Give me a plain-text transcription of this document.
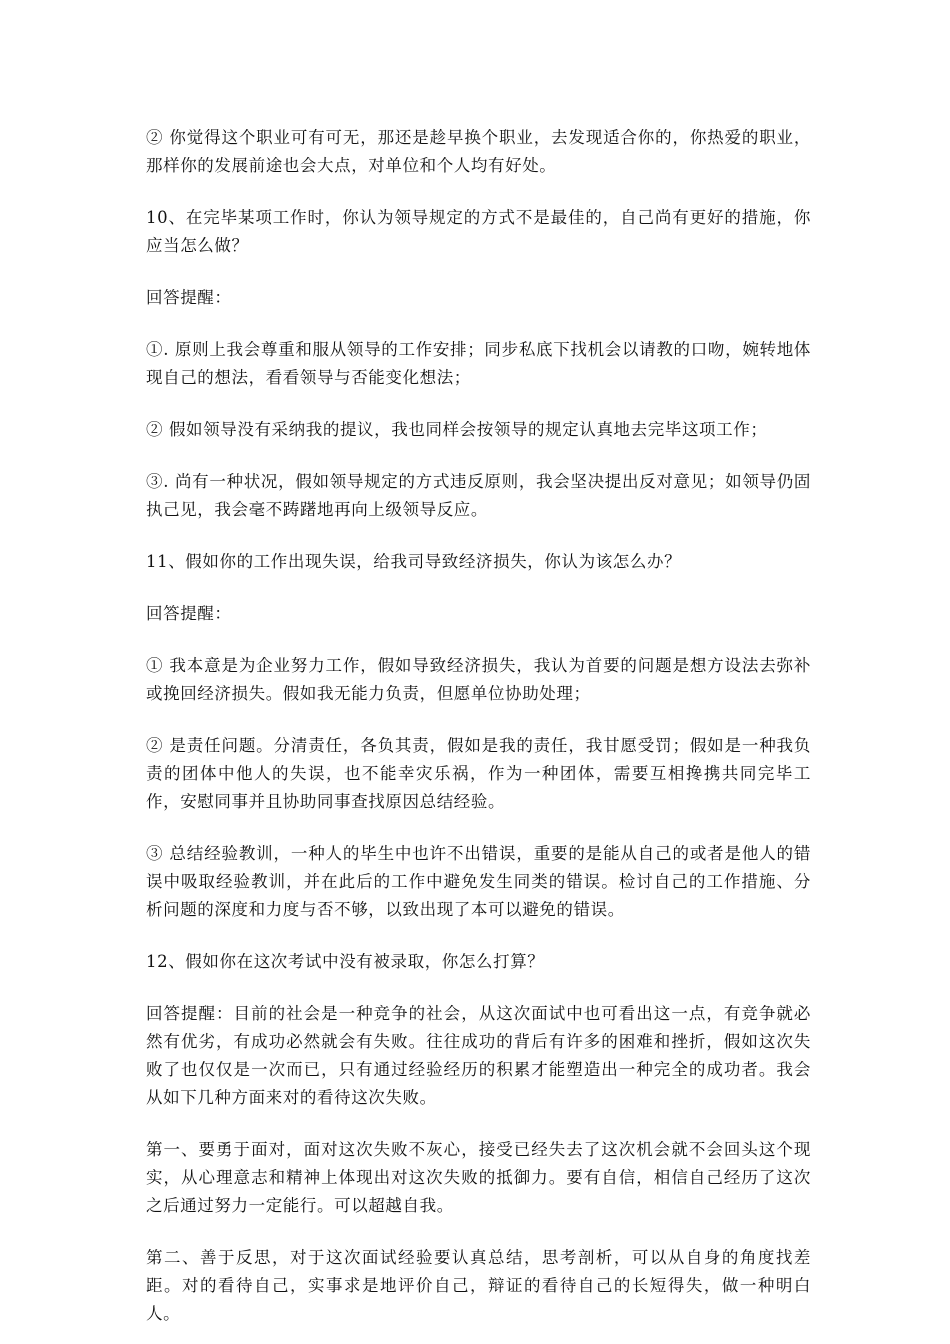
② 你觉得这个职业可有可无，那还是趁早换个职业，去发现适合你的，你热爱的职业，那样你的发展前途也会大点，对单位和个人均有好处。

10、在完毕某项工作时，你认为领导规定的方式不是最佳的，自己尚有更好的措施，你应当怎么做？

回答提醒：

①. 原则上我会尊重和服从领导的工作安排；同步私底下找机会以请教的口吻，婉转地体现自己的想法，看看领导与否能变化想法；

② 假如领导没有采纳我的提议，我也同样会按领导的规定认真地去完毕这项工作；

③. 尚有一种状况，假如领导规定的方式违反原则，我会坚决提出反对意见；如领导仍固执己见，我会毫不踌躇地再向上级领导反应。

11、假如你的工作出现失误，给我司导致经济损失，你认为该怎么办？

回答提醒：

① 我本意是为企业努力工作，假如导致经济损失，我认为首要的问题是想方设法去弥补或挽回经济损失。假如我无能力负责，但愿单位协助处理；

② 是责任问题。分清责任，各负其责，假如是我的责任，我甘愿受罚；假如是一种我负责的团体中他人的失误，也不能幸灾乐祸，作为一种团体，需要互相搀携共同完毕工作，安慰同事并且协助同事查找原因总结经验。

③ 总结经验教训，一种人的毕生中也许不出错误，重要的是能从自己的或者是他人的错误中吸取经验教训，并在此后的工作中避免发生同类的错误。检讨自己的工作措施、分析问题的深度和力度与否不够，以致出现了本可以避免的错误。

12、假如你在这次考试中没有被录取，你怎么打算？

回答提醒：目前的社会是一种竞争的社会，从这次面试中也可看出这一点，有竞争就必然有优劣，有成功必然就会有失败。往往成功的背后有许多的困难和挫折，假如这次失败了也仅仅是一次而已，只有通过经验经历的积累才能塑造出一种完全的成功者。我会从如下几种方面来对的看待这次失败。

第一、要勇于面对，面对这次失败不灰心，接受已经失去了这次机会就不会回头这个现实，从心理意志和精神上体现出对这次失败的抵御力。要有自信，相信自己经历了这次之后通过努力一定能行。可以超越自我。

第二、善于反思，对于这次面试经验要认真总结，思考剖析，可以从自身的角度找差距。对的看待自己，实事求是地评价自己，辩证的看待自己的长短得失，做一种明白人。
